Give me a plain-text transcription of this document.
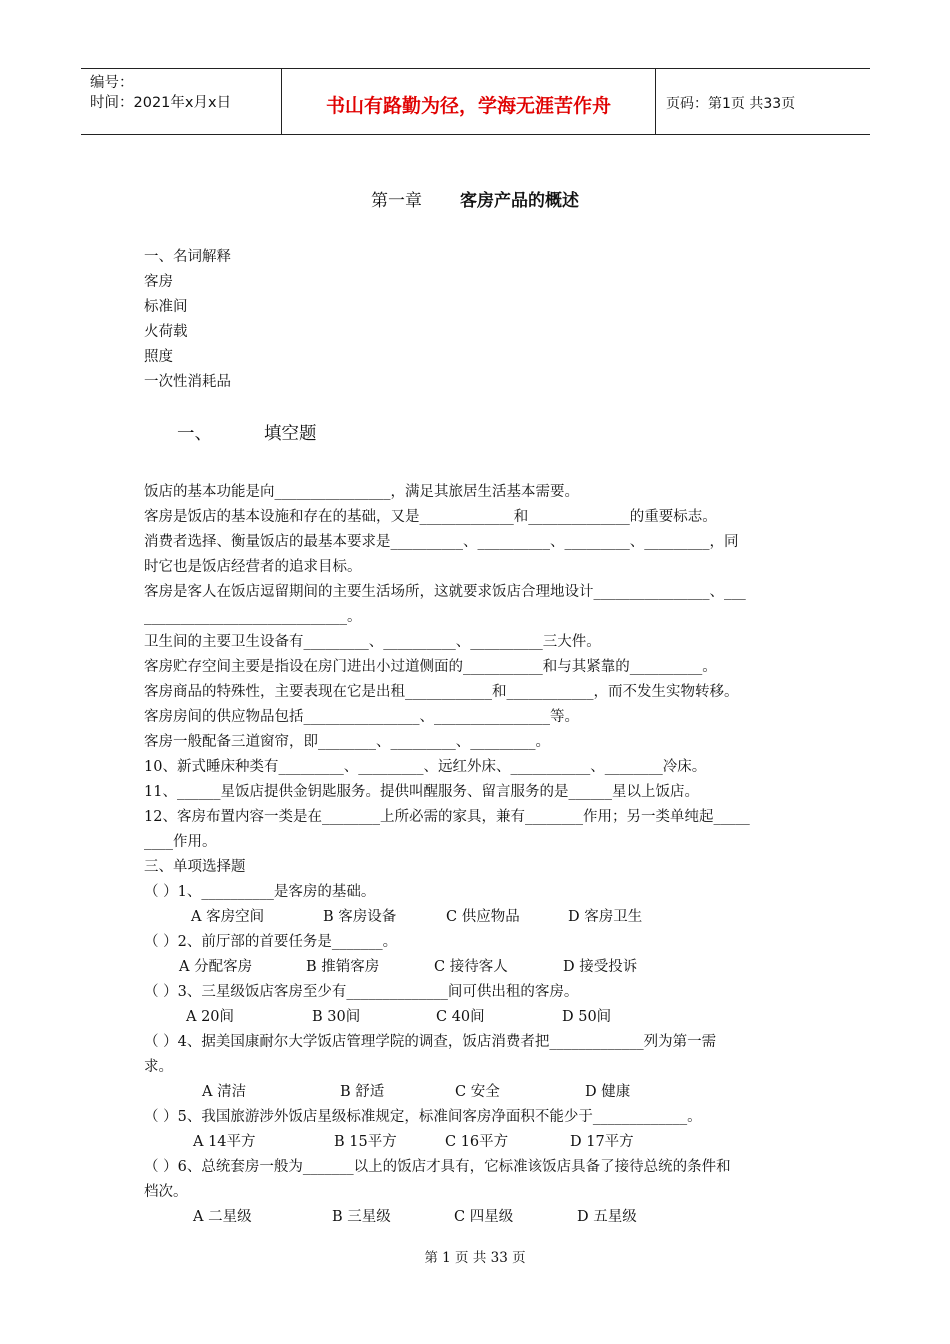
编号：
时间：2021年x月x日	书山有路勤为径，学海无涯苦作舟	页码：第1页 共33页
第一章 客房产品的概述
一、名词解释
客房
标准间
火荷载
照度
一次性消耗品
一、	填空题
饭店的基本功能是向________________，满足其旅居生活基本需要。
客房是饭店的基本设施和存在的基础，又是_____________和______________的重要标志。
消费者选择、衡量饭店的最基本要求是__________、__________、_________、_________，同
时它也是饭店经营者的追求目标。
客房是客人在饭店逗留期间的主要生活场所，这就要求饭店合理地设计________________、___
____________________________。
卫生间的主要卫生设备有_________、__________、__________三大件。
客房贮存空间主要是指设在房门进出小过道侧面的___________和与其紧靠的__________。
客房商品的特殊性，主要表现在它是出租____________和____________，而不发生实物转移。
客房房间的供应物品包括________________、________________等。
客房一般配备三道窗帘，即________、_________、_________。
10、新式睡床种类有_________、_________、远红外床、___________、________冷床。
11、______星饭店提供金钥匙服务。提供叫醒服务、留言服务的是______星以上饭店。
12、客房布置内容一类是在________上所必需的家具，兼有________作用；另一类单纯起_____
____作用。
三、单项选择题
（ ）1、__________是客房的基础。
A 客房空间	B 客房设备	C 供应物品	D 客房卫生
（ ）2、前厅部的首要任务是_______。
A 分配客房	B 推销客房	C 接待客人	D 接受投诉
（ ）3、三星级饭店客房至少有______________间可供出租的客房。
A 20间	B 30间	C 40间	D 50间
（ ）4、据美国康耐尔大学饭店管理学院的调查，饭店消费者把_____________列为第一需
求。
A 清洁	B 舒适	C 安全	D 健康
（ ）5、我国旅游涉外饭店星级标准规定，标准间客房净面积不能少于_____________。
A 14平方	B 15平方	C 16平方	D 17平方
（ ）6、总统套房一般为_______以上的饭店才具有，它标准该饭店具备了接待总统的条件和
档次。
A 二星级	B 三星级	C 四星级	D 五星级
第 1 页 共 33 页
